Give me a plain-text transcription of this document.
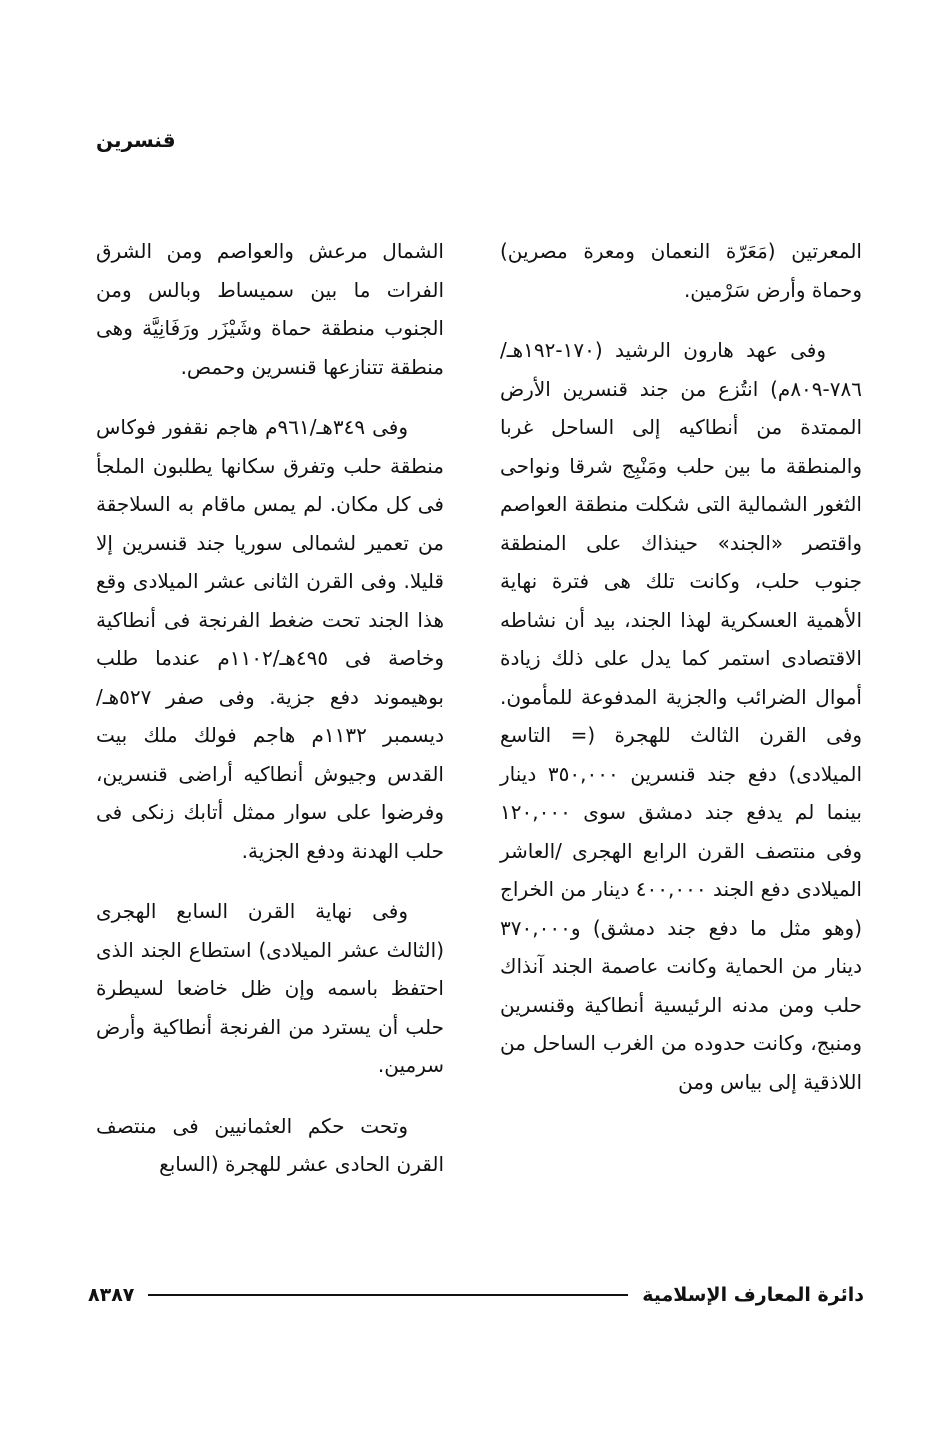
قنسرين

المعرتين (مَعَرّة النعمان ومعرة مصرين) وحماة وأرض سَرْمين.

وفى عهد هارون الرشيد (١٧٠-١٩٢هـ/٧٨٦-٨٠٩م) انتُزع من جند قنسرين الأرض الممتدة من أنطاكيه إلى الساحل غربا والمنطقة ما بين حلب ومَنْبِج شرقا ونواحى الثغور الشمالية التى شكلت منطقة العواصم واقتصر «الجند» حينذاك على المنطقة جنوب حلب، وكانت تلك هى فترة نهاية الأهمية العسكرية لهذا الجند، بيد أن نشاطه الاقتصادى استمر كما يدل على ذلك زيادة أموال الضرائب والجزية المدفوعة للمأمون. وفى القرن الثالث للهجرة (= التاسع الميلادى) دفع جند قنسرين ٣٥٠,٠٠٠ دينار بينما لم يدفع جند دمشق سوى ١٢٠,٠٠٠ وفى منتصف القرن الرابع الهجرى /العاشر الميلادى دفع الجند ٤٠٠,٠٠٠ دينار من الخراج (وهو مثل ما دفع جند دمشق) و٣٧٠,٠٠٠ دينار من الحماية وكانت عاصمة الجند آنذاك حلب ومن مدنه الرئيسية أنطاكية وقنسرين ومنبج، وكانت حدوده من الغرب الساحل من اللاذقية إلى بياس ومن

الشمال مرعش والعواصم ومن الشرق الفرات ما بين سميساط وبالس ومن الجنوب منطقة حماة وشَيْزَر ورَفَانِيَّة وهى منطقة تتنازعها قنسرين وحمص.

وفى ٣٤٩هـ/٩٦١م هاجم نقفور فوكاس منطقة حلب وتفرق سكانها يطلبون الملجأ فى كل مكان. لم يمس ماقام به السلاجقة من تعمير لشمالى سوريا جند قنسرين إلا قليلا. وفى القرن الثانى عشر الميلادى وقع هذا الجند تحت ضغط الفرنجة فى أنطاكية وخاصة فى ٤٩٥هـ/١١٠٢م عندما طلب بوهيموند دفع جزية. وفى صفر ٥٢٧هـ/ ديسمبر ١١٣٢م هاجم فولك ملك بيت القدس وجيوش أنطاكيه أراضى قنسرين، وفرضوا على سوار ممثل أتابك زنكى فى حلب الهدنة ودفع الجزية.

وفى نهاية القرن السابع الهجرى (الثالث عشر الميلادى) استطاع الجند الذى احتفظ باسمه وإن ظل خاضعا لسيطرة حلب أن يسترد من الفرنجة أنطاكية وأرض سرمين.

وتحت حكم العثمانيين فى منتصف القرن الحادى عشر للهجرة (السابع

٨٣٨٧	دائرة المعارف الإسلامية
